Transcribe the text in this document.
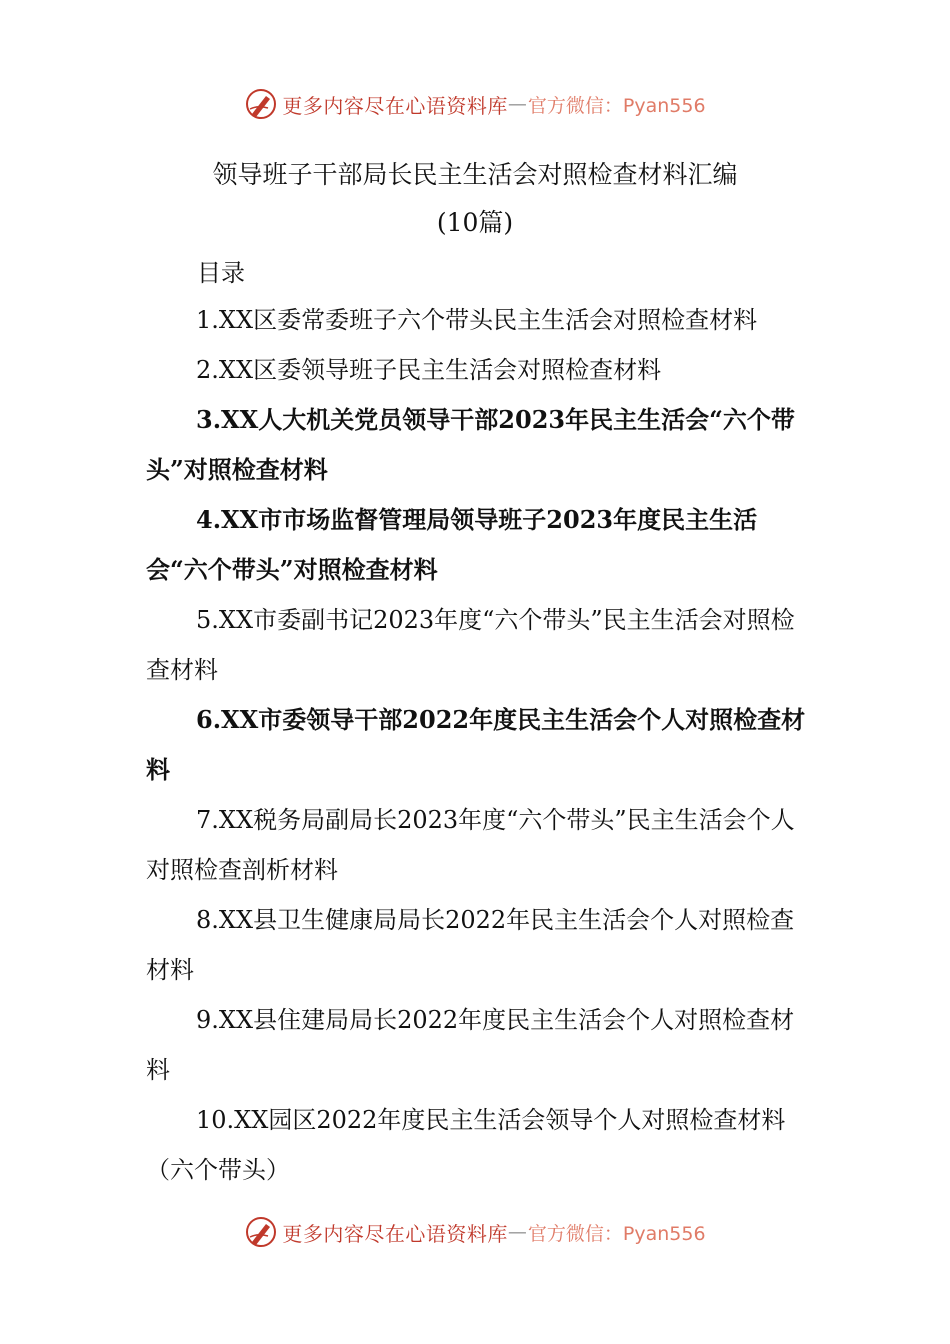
更多内容尽在心语资料库 — 官方微信：Pyan556
领导班子干部局长民主生活会对照检查材料汇编
(10篇)
目录

1.XX区委常委班子六个带头民主生活会对照检查材料

2.XX区委领导班子民主生活会对照检查材料

3.XX人大机关党员领导干部2023年民主生活会“六个带头”对照检查材料

4.XX市市场监督管理局领导班子2023年度民主生活会“六个带头”对照检查材料

5.XX市委副书记2023年度“六个带头”民主生活会对照检查材料

6.XX市委领导干部2022年度民主生活会个人对照检查材料

7.XX税务局副局长2023年度“六个带头”民主生活会个人对照检查剖析材料

8.XX县卫生健康局局长2022年民主生活会个人对照检查材料

9.XX县住建局局长2022年度民主生活会个人对照检查材料

10.XX园区2022年度民主生活会领导个人对照检查材料（六个带头）

更多内容尽在心语资料库 — 官方微信：Pyan556
